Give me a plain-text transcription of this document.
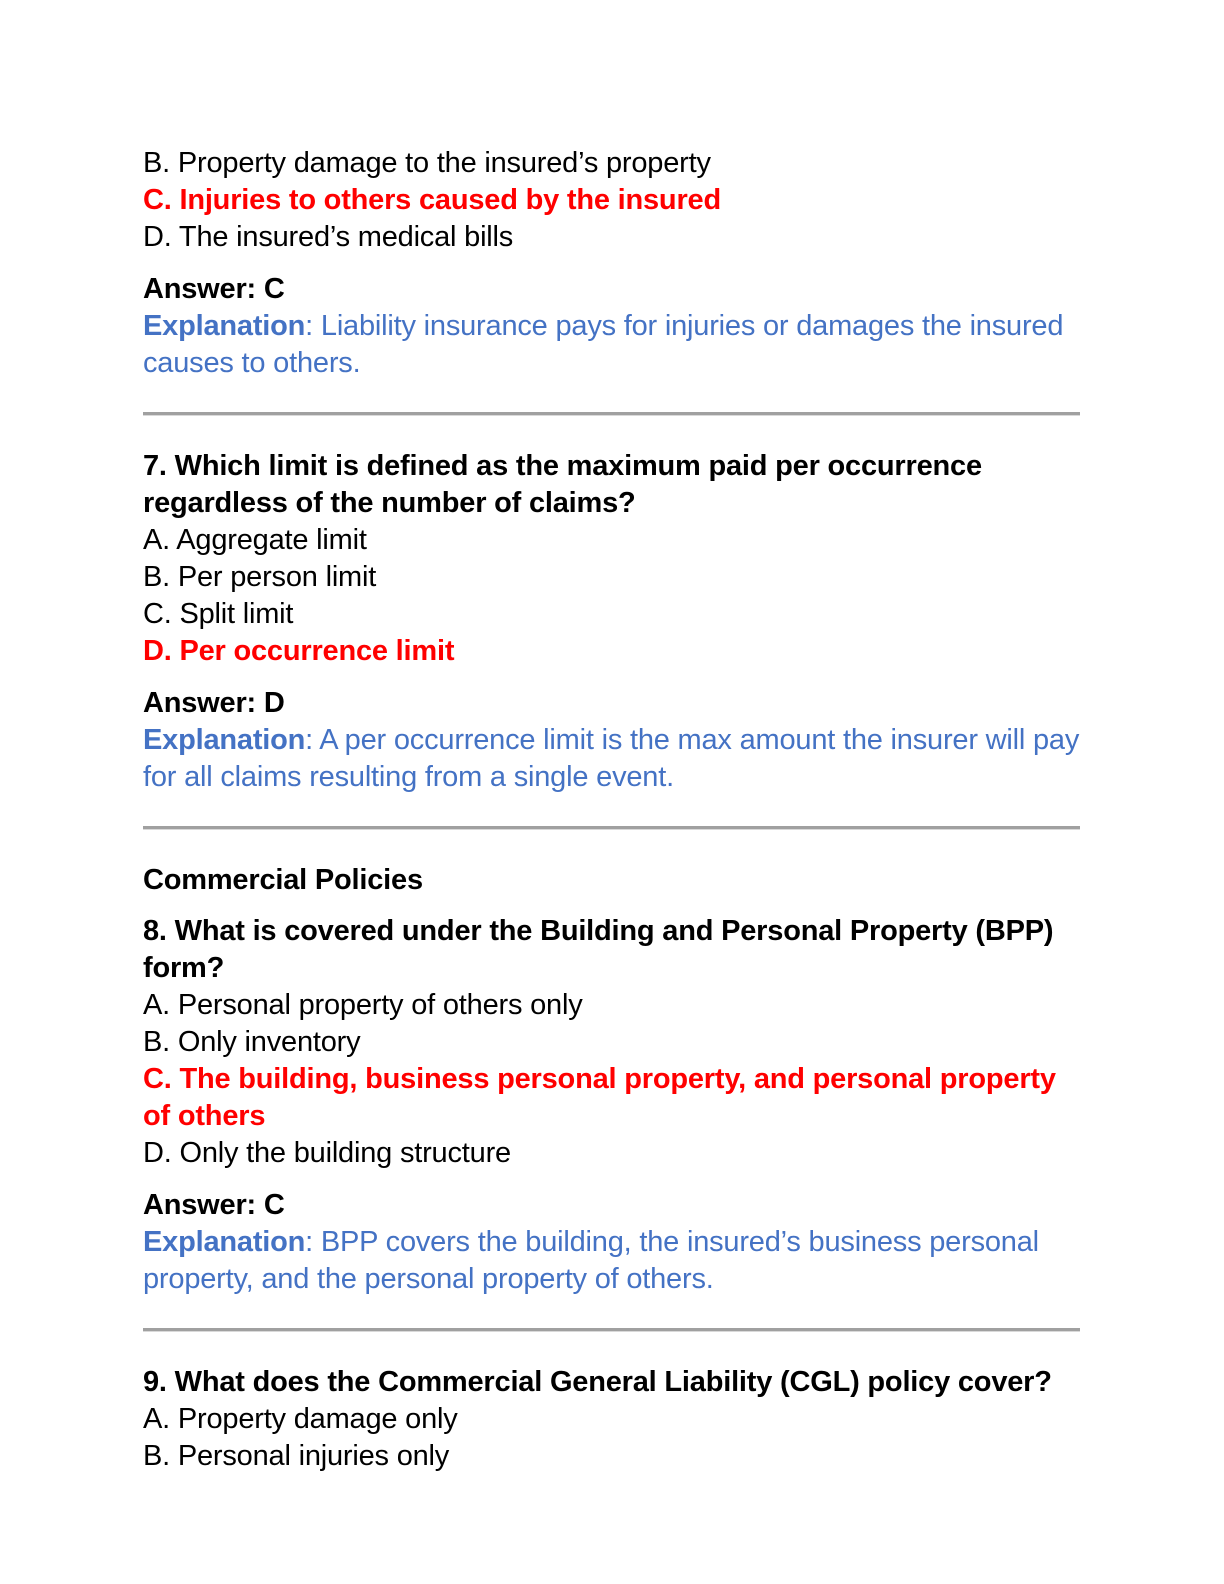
B. Property damage to the insured’s property
C. Injuries to others caused by the insured
D. The insured’s medical bills
Answer: C
Explanation: Liability insurance pays for injuries or damages the insured causes to others.
7. Which limit is defined as the maximum paid per occurrence regardless of the number of claims?
A. Aggregate limit
B. Per person limit
C. Split limit
D. Per occurrence limit
Answer: D
Explanation: A per occurrence limit is the max amount the insurer will pay for all claims resulting from a single event.
Commercial Policies
8. What is covered under the Building and Personal Property (BPP) form?
A. Personal property of others only
B. Only inventory
C. The building, business personal property, and personal property of others
D. Only the building structure
Answer: C
Explanation: BPP covers the building, the insured’s business personal property, and the personal property of others.
9. What does the Commercial General Liability (CGL) policy cover?
A. Property damage only
B. Personal injuries only
